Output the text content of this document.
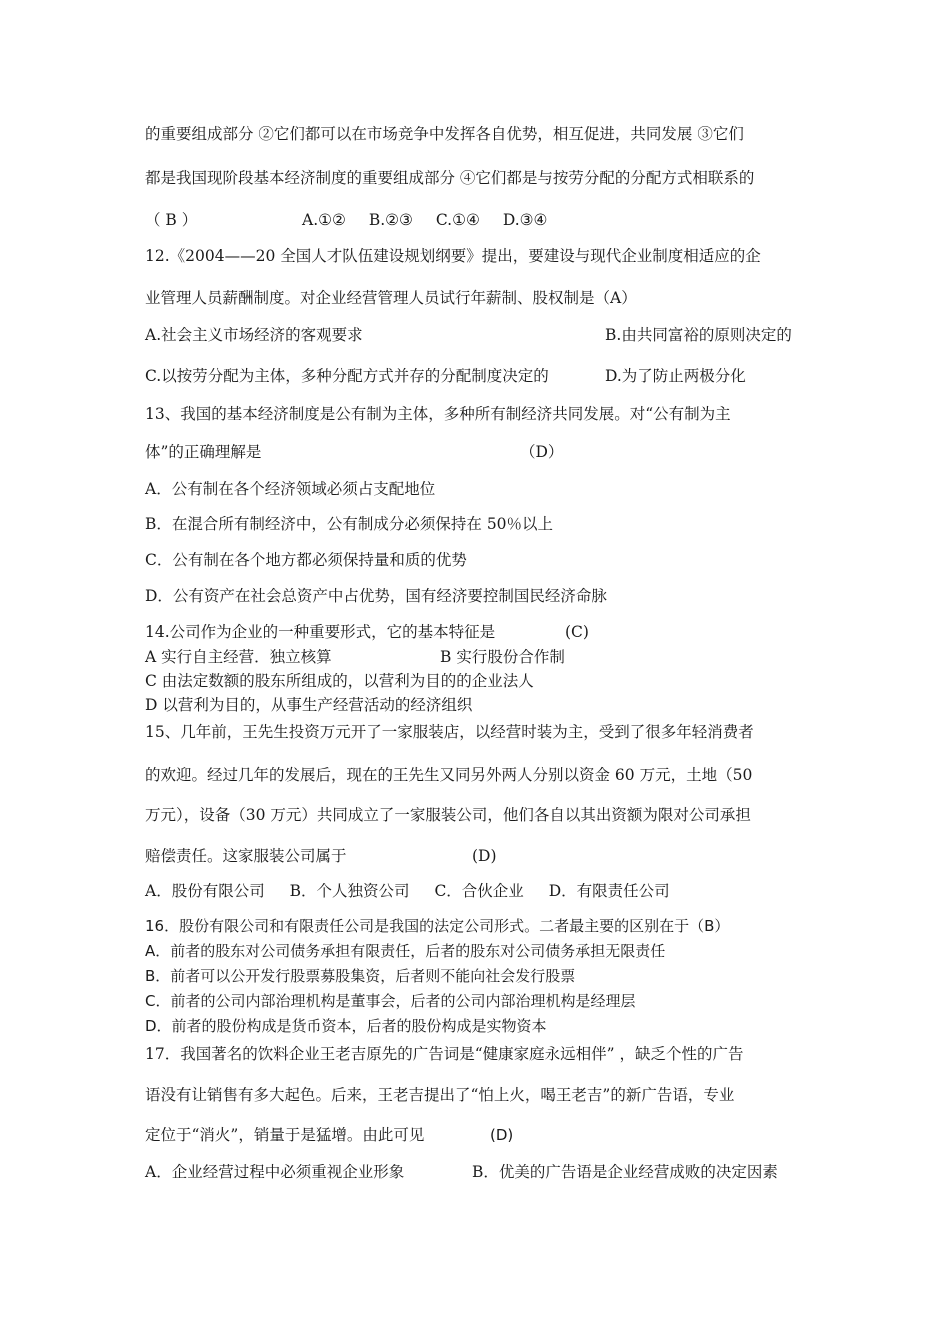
的重要组成部分 ②它们都可以在市场竞争中发挥各自优势，相互促进，共同发展 ③它们
都是我国现阶段基本经济制度的重要组成部分 ④它们都是与按劳分配的分配方式相联系的
（ B ）	A.①② B.②③ C.①④ D.③④
12.《2004——20 全国人才队伍建设规划纲要》提出，要建设与现代企业制度相适应的企
业管理人员薪酬制度。对企业经营管理人员试行年薪制、股权制是（A）
A.社会主义市场经济的客观要求	B.由共同富裕的原则决定的
C.以按劳分配为主体，多种分配方式并存的分配制度决定的	D.为了防止两极分化
13、我国的基本经济制度是公有制为主体，多种所有制经济共同发展。对“公有制为主
体”的正确理解是	（D）
A．公有制在各个经济领域必须占支配地位
B．在混合所有制经济中，公有制成分必须保持在 50％以上
C．公有制在各个地方都必须保持量和质的优势
D．公有资产在社会总资产中占优势，国有经济要控制国民经济命脉
14.公司作为企业的一种重要形式，它的基本特征是	(C)
A 实行自主经营．独立核算	B 实行股份合作制
C 由法定数额的股东所组成的，以营利为目的的企业法人
D 以营利为目的，从事生产经营活动的经济组织
15、几年前，王先生投资万元开了一家服装店，以经营时装为主，受到了很多年轻消费者
的欢迎。经过几年的发展后，现在的王先生又同另外两人分别以资金 60 万元，土地（50
万元），设备（30 万元）共同成立了一家服装公司，他们各自以其出资额为限对公司承担
赔偿责任。这家服装公司属于	(D)
A．股份有限公司 B．个人独资公司 C．合伙企业 D．有限责任公司
16．股份有限公司和有限责任公司是我国的法定公司形式。二者最主要的区别在于（B）
A．前者的股东对公司债务承担有限责任，后者的股东对公司债务承担无限责任
B．前者可以公开发行股票募股集资，后者则不能向社会发行股票
C．前者的公司内部治理机构是董事会，后者的公司内部治理机构是经理层
D．前者的股份构成是货币资本，后者的股份构成是实物资本
17．我国著名的饮料企业王老吉原先的广告词是“健康家庭永远相伴” ，缺乏个性的广告
语没有让销售有多大起色。后来，王老吉提出了“怕上火，喝王老吉”的新广告语，专业
定位于“消火”，销量于是猛增。由此可见	(D)
A．企业经营过程中必须重视企业形象	B．优美的广告语是企业经营成败的决定因素
